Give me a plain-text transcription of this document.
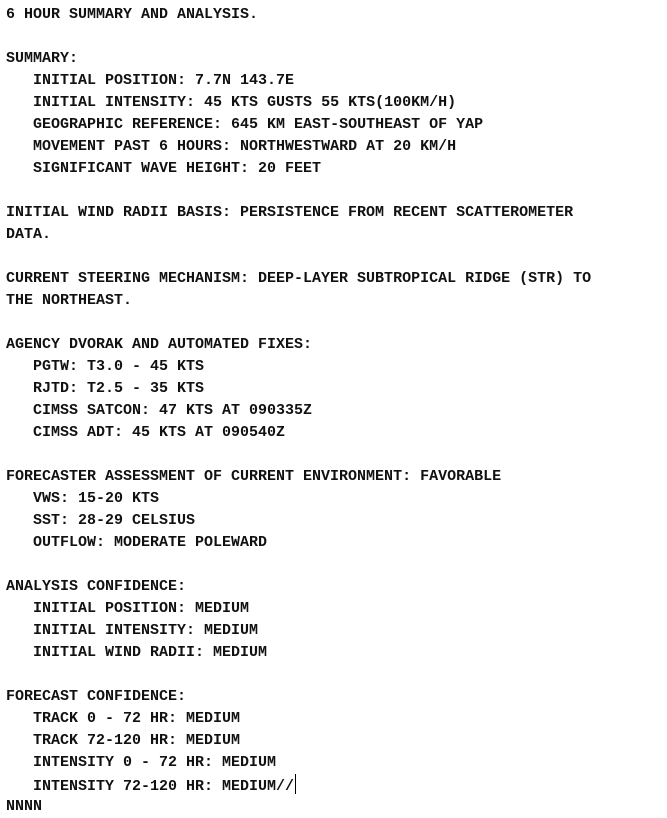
6 HOUR SUMMARY AND ANALYSIS.
SUMMARY:
INITIAL POSITION: 7.7N 143.7E
INITIAL INTENSITY: 45 KTS GUSTS 55 KTS(100KM/H)
GEOGRAPHIC REFERENCE: 645 KM EAST-SOUTHEAST OF YAP
MOVEMENT PAST 6 HOURS: NORTHWESTWARD AT 20 KM/H
SIGNIFICANT WAVE HEIGHT: 20 FEET
INITIAL WIND RADII BASIS: PERSISTENCE FROM RECENT SCATTEROMETER
DATA.
CURRENT STEERING MECHANISM: DEEP-LAYER SUBTROPICAL RIDGE (STR) TO
THE NORTHEAST.
AGENCY DVORAK AND AUTOMATED FIXES:
PGTW: T3.0 - 45 KTS
RJTD: T2.5 - 35 KTS
CIMSS SATCON: 47 KTS AT 090335Z
CIMSS ADT: 45 KTS AT 090540Z
FORECASTER ASSESSMENT OF CURRENT ENVIRONMENT: FAVORABLE
VWS: 15-20 KTS
SST: 28-29 CELSIUS
OUTFLOW: MODERATE POLEWARD
ANALYSIS CONFIDENCE:
INITIAL POSITION: MEDIUM
INITIAL INTENSITY: MEDIUM
INITIAL WIND RADII: MEDIUM
FORECAST CONFIDENCE:
TRACK 0 - 72 HR: MEDIUM
TRACK 72-120 HR: MEDIUM
INTENSITY 0 - 72 HR: MEDIUM
INTENSITY 72-120 HR: MEDIUM//
NNNN
